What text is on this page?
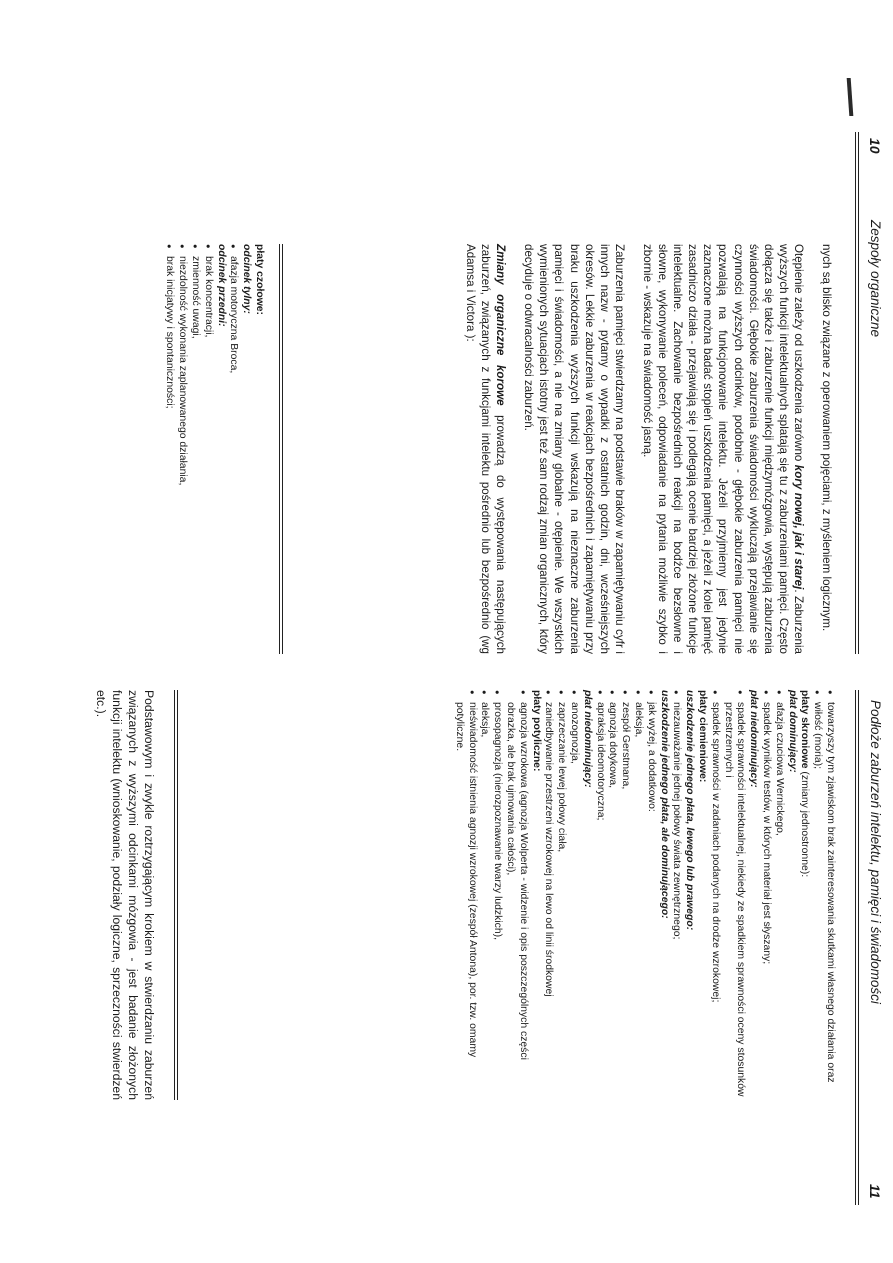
10
Zespoły organiczne

nych są blisko związane z operowaniem pojęciami, z myśleniem logicznym.

Otępienie zależy od uszkodzenia zarówno kory nowej, jak i starej. Zaburzenia wyższych funkcji intelektualnych splatają się tu z zaburzeniami pamięci. Często dołącza się także i zaburzenie funkcji międzymózgowia, występują zaburzenia świadomości. Głębokie zaburzenia świadomości wykluczają przejawianie się czynności wyższych odcinków, podobnie - głębokie zaburzenia pamięci nie pozwalają na funkcjonowanie intelektu. Jeżeli przyjmiemy jest jedynie zaznaczone można badać stopień uszkodzenia pamięci, a jeżeli z kolei pamięć zasadniczo działa - przejawiają się i podlegają ocenie bardziej złożone funkcje intelektualne. Zachowanie bezpośrednich reakcji na bodźce bezsłowne i słowne, wykonywanie poleceń, odpowiadanie na pytania możliwie szybko i zbornie - wskazuje na świadomość jasną.

Zaburzenia pamięci stwierdzamy na podstawie braków w zapamiętywaniu cyfr i innych nazw - pytamy o wypadki z ostatnich godzin, dni, wcześniejszych okresów. Lekkie zaburzenia w reakcjach bezpośrednich i zapamiętywaniu przy braku uszkodzenia wyższych funkcji wskazują na nieznaczne zaburzenia pamięci i świadomości, a nie na zmiany globalne - otępienie. We wszystkich wymienionych sytuacjach istotny jest też sam rodzaj zmian organicznych, który decyduje o odwracalności zaburzeń.

Zmiany organiczne korowe prowadzą do występowania następujących zaburzeń, związanych z funkcjami intelektu pośrednio lub bezpośrednio (wg Adamsa i Victora ):

płaty czołowe:
odcinek tylny:
● afazja motoryczna Broca,
odcinek przedni:
● brak koncentracji,
● zmienność uwagi,
● niezdolność wykonania zaplanowanego działania,
● brak inicjatywy i spontaniczności;
Podłoże zaburzeń intelektu, pamięci i świadomości
11
● towarzyszy tym zjawiskom brak zainteresowania skutkami własnego działania oraz
● wiłość (moria);
płaty skroniowe (zmiany jednostronne):
płat dominujący:
● afazja czuciowa Wernickego,
● spadek wyników testów, w których materiał jest słyszany;
płat niedominujący:
● spadek sprawności intelektualnej, niekiedy ze spadkiem sprawności oceny stosunków przestrzennych i
● spadek sprawności w zadaniach podanych na drodze wzrokowej;
płaty ciemieniowe:
uszkodzenie jednego płata, lewego lub prawego:
● niezauważanie jednej połowy świata zewnętrznego;
uszkodzenie jednego płata, ale dominującego:
● jak wyżej, a dodatkowo:
● aleksja,
● zespół Gerstmana,
● agnozja dotykowa,
● apraksja ideomotoryczna;
płat niedominujący:
● anozognozja,
● zaprzeczanie lewej połowy ciała,
● zaniedbywanie przestrzeni wzrokowej na lewo od linii środkowej
płaty potyliczne:
● agnozja wzrokowa (agnozja Wolperta - widzenie i opis poszczególnych części obrazka, ale brak ujmowania całości),
● prosopagnozja (nierozpoznawanie twarzy ludzkich),
● aleksja,
● nieświadomość istnienia agnozji wzrokowej (zespół Antona), por. tzw. omamy potyliczne.

Podstawowym i zwykle roztrzygającym krokiem w stwierdzaniu zaburzeń związanych z wyższymi odcinkami mózgowia - jest badanie złożonych funkcji intelektu (wnioskowanie, podziały logiczne, sprzeczności stwierdzeń etc.).
